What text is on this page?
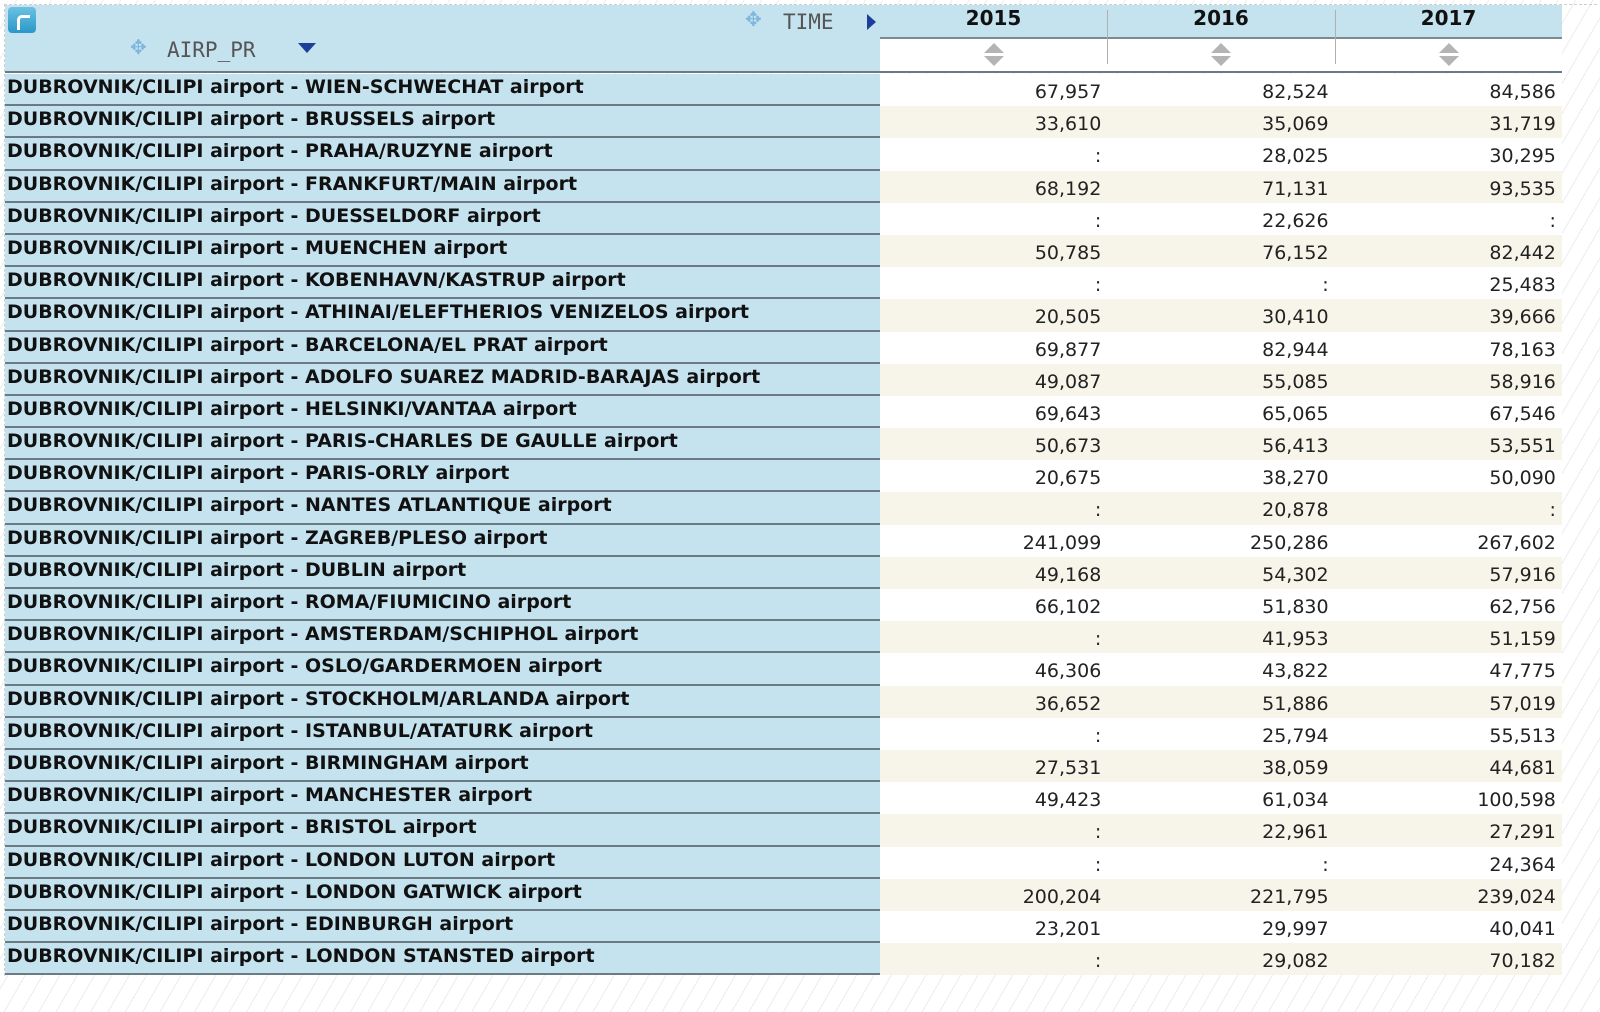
✥ AIRP_PR
✥ TIME	2015	2016	2017
DUBROVNIK/CILIPI airport - WIEN-SCHWECHAT airport	67,957	82,524	84,586
DUBROVNIK/CILIPI airport - BRUSSELS airport	33,610	35,069	31,719
DUBROVNIK/CILIPI airport - PRAHA/RUZYNE airport	:	28,025	30,295
DUBROVNIK/CILIPI airport - FRANKFURT/MAIN airport	68,192	71,131	93,535
DUBROVNIK/CILIPI airport - DUESSELDORF airport	:	22,626	:
DUBROVNIK/CILIPI airport - MUENCHEN airport	50,785	76,152	82,442
DUBROVNIK/CILIPI airport - KOBENHAVN/KASTRUP airport	:	:	25,483
DUBROVNIK/CILIPI airport - ATHINAI/ELEFTHERIOS VENIZELOS airport	20,505	30,410	39,666
DUBROVNIK/CILIPI airport - BARCELONA/EL PRAT airport	69,877	82,944	78,163
DUBROVNIK/CILIPI airport - ADOLFO SUAREZ MADRID-BARAJAS airport	49,087	55,085	58,916
DUBROVNIK/CILIPI airport - HELSINKI/VANTAA airport	69,643	65,065	67,546
DUBROVNIK/CILIPI airport - PARIS-CHARLES DE GAULLE airport	50,673	56,413	53,551
DUBROVNIK/CILIPI airport - PARIS-ORLY airport	20,675	38,270	50,090
DUBROVNIK/CILIPI airport - NANTES ATLANTIQUE airport	:	20,878	:
DUBROVNIK/CILIPI airport - ZAGREB/PLESO airport	241,099	250,286	267,602
DUBROVNIK/CILIPI airport - DUBLIN airport	49,168	54,302	57,916
DUBROVNIK/CILIPI airport - ROMA/FIUMICINO airport	66,102	51,830	62,756
DUBROVNIK/CILIPI airport - AMSTERDAM/SCHIPHOL airport	:	41,953	51,159
DUBROVNIK/CILIPI airport - OSLO/GARDERMOEN airport	46,306	43,822	47,775
DUBROVNIK/CILIPI airport - STOCKHOLM/ARLANDA airport	36,652	51,886	57,019
DUBROVNIK/CILIPI airport - ISTANBUL/ATATURK airport	:	25,794	55,513
DUBROVNIK/CILIPI airport - BIRMINGHAM airport	27,531	38,059	44,681
DUBROVNIK/CILIPI airport - MANCHESTER airport	49,423	61,034	100,598
DUBROVNIK/CILIPI airport - BRISTOL airport	:	22,961	27,291
DUBROVNIK/CILIPI airport - LONDON LUTON airport	:	:	24,364
DUBROVNIK/CILIPI airport - LONDON GATWICK airport	200,204	221,795	239,024
DUBROVNIK/CILIPI airport - EDINBURGH airport	23,201	29,997	40,041
DUBROVNIK/CILIPI airport - LONDON STANSTED airport	:	29,082	70,182
